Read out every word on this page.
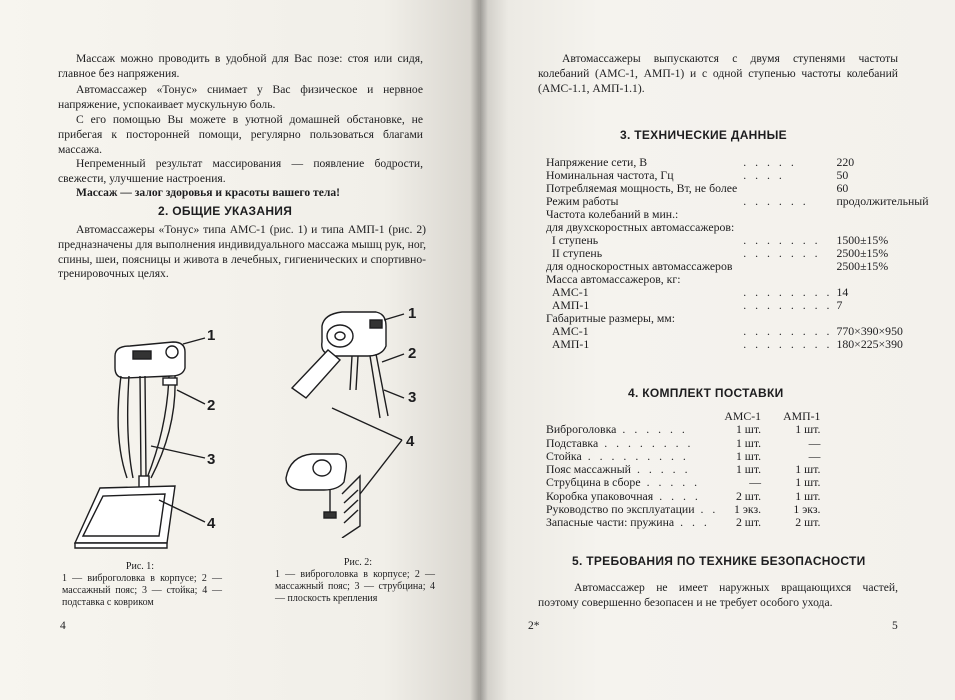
Массаж можно проводить в удобной для Вас позе: стоя или сидя, главное без напряжения.
Автомассажер «Тонус» снимает у Вас физическое и нервное напряжение, успокаивает мускульную боль.
С его помощью Вы можете в уютной домашней обстановке, не прибегая к посторонней помощи, регулярно пользоваться благами массажа.
Непременный результат массирования — появление бодрости, свежести, улучшение настроения.
Массаж — залог здоровья и красоты вашего тела!
2. ОБЩИЕ УКАЗАНИЯ
Автомассажеры «Тонус» типа АМС-1 (рис. 1) и типа АМП-1 (рис. 2) предназначены для выполнения индивидуального массажа мышц рук, ног, спины, шеи, поясницы и живота в лечебных, гигиенических и спортивно-тренировочных целях.
1
2
3
4
1
2
3
4
Рис. 1:
1 — виброголовка в корпусе; 2 — массажный пояс; 3 — стойка; 4 — подставка с ковриком
Рис. 2:
1 — виброголовка в корпусе; 2 — массажный пояс; 3 — струбцина; 4 — плоскость крепления
4
Автомассажеры выпускаются с двумя ступенями частоты колебаний (АМС-1, АМП-1) и с одной ступенью частоты колебаний (АМС-1.1, АМП-1.1).
3. ТЕХНИЧЕСКИЕ ДАННЫЕ
Напряжение сети, В	. . . . .	220
Номинальная частота, Гц	. . . .	50
Потребляемая мощность, Вт, не более		60
Режим работы	. . . . . .	продолжительный
Частота колебаний в мин.:		
для двухскоростных автомассажеров:		
I ступень	. . . . . . .	1500±15%
II ступень	. . . . . . .	2500±15%
для односкоростных автомассажеров		2500±15%
Масса автомассажеров, кг:		
АМС-1	. . . . . . . .	14
АМП-1	. . . . . . . .	7
Габаритные размеры, мм:		
АМС-1	. . . . . . . .	770×390×950
АМП-1	. . . . . . . .	180×225×390
4. КОМПЛЕКТ ПОСТАВКИ
	АМС-1	АМП-1
Виброголовка . . . . . .	1 шт.	1 шт.
Подставка . . . . . . . .	1 шт.	—
Стойка . . . . . . . . .	1 шт.	—
Пояс массажный . . . . .	1 шт.	1 шт.
Струбцина в сборе . . . . .	—	1 шт.
Коробка упаковочная . . . .	2 шт.	1 шт.
Руководство по эксплуатации . .	1 экз.	1 экз.
Запасные части: пружина . . .	2 шт.	2 шт.
5. ТРЕБОВАНИЯ ПО ТЕХНИКЕ БЕЗОПАСНОСТИ
Автомассажер не имеет наружных вращающихся частей, поэтому совершенно безопасен и не требует особого ухода.
2*	5
